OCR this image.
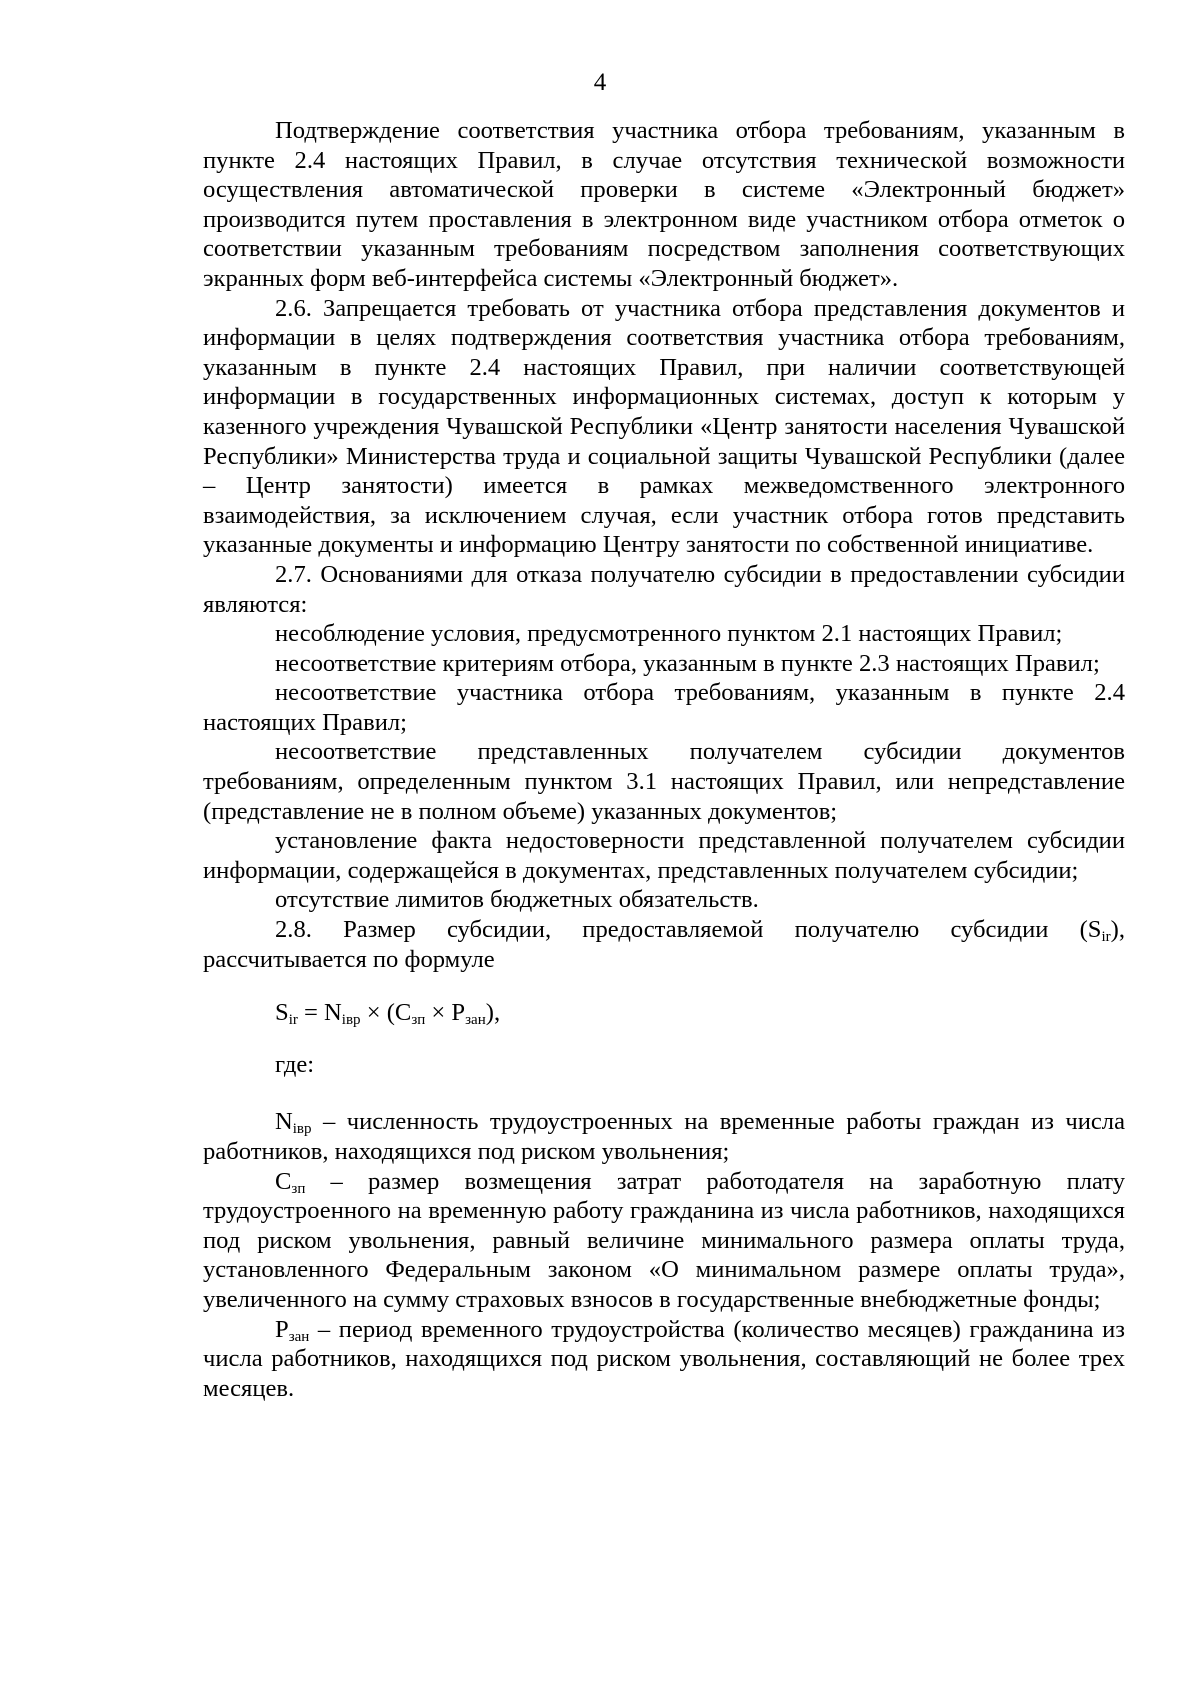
4

Подтверждение соответствия участника отбора требованиям, указанным в пункте 2.4 настоящих Правил, в случае отсутствия технической возможности осуществления автоматической проверки в системе «Электронный бюджет» производится путем проставления в электронном виде участником отбора отметок о соответствии указанным требованиям посредством заполнения соответствующих экранных форм веб-интерфейса системы «Электронный бюджет».

2.6. Запрещается требовать от участника отбора представления документов и информации в целях подтверждения соответствия участника отбора требованиям, указанным в пункте 2.4 настоящих Правил, при наличии соответствующей информации в государственных информационных системах, доступ к которым у казенного учреждения Чувашской Республики «Центр занятости населения Чувашской Республики» Министерства труда и социальной защиты Чувашской Республики (далее – Центр занятости) имеется в рамках межведомственного электронного взаимодействия, за исключением случая, если участник отбора готов представить указанные документы и информацию Центру занятости по собственной инициативе.

2.7. Основаниями для отказа получателю субсидии в предоставлении субсидии являются:

несоблюдение условия, предусмотренного пунктом 2.1 настоящих Правил;

несоответствие критериям отбора, указанным в пункте 2.3 настоящих Правил;

несоответствие участника отбора требованиям, указанным в пункте 2.4 настоящих Правил;

несоответствие представленных получателем субсидии документов требованиям, определенным пунктом 3.1 настоящих Правил, или непредставление (представление не в полном объеме) указанных документов;

установление факта недостоверности представленной получателем субсидии информации, содержащейся в документах, представленных получателем субсидии;

отсутствие лимитов бюджетных обязательств.

2.8. Размер субсидии, предоставляемой получателю субсидии $(S_{ir})$, рассчитывается по формуле

$S_{ir} = N_{iвр} \times (C_{зп} \times P_{зан})$,

где:

$N_{iвр}$ – численность трудоустроенных на временные работы граждан из числа работников, находящихся под риском увольнения;

$C_{зп}$ – размер возмещения затрат работодателя на заработную плату трудоустроенного на временную работу гражданина из числа работников, находящихся под риском увольнения, равный величине минимального размера оплаты труда, установленного Федеральным законом «О минимальном размере оплаты труда», увеличенного на сумму страховых взносов в государственные внебюджетные фонды;

$P_{зан}$ – период временного трудоустройства (количество месяцев) гражданина из числа работников, находящихся под риском увольнения, составляющий не более трех месяцев.
